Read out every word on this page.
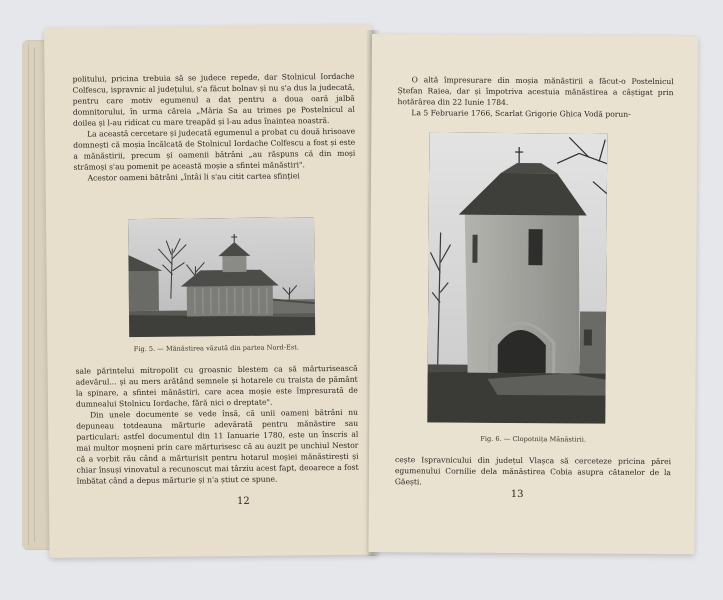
politului, pricina trebuia să se judece repede, dar Stolnicul Iordache Colfescu, ispravnic al județului, s'a făcut bolnav și nu s'a dus la judecată, pentru care motiv egumenul a dat pentru a doua oară jalbă domnitorului, în urma căreia „Măria Sa au trimes pe Postelnicul al doilea și l-au ridicat cu mare treapăd și l-au adus înaintea noastră.

La această cercetare și judecată egumenul a probat cu două hrisoave domnești că moșia încălcată de Stolnicul Iordache Colfescu a fost și este a mănăstirii, precum și oamenii bătrâni „au răspuns că din moși strămoși s'au pomenit pe această moșie a sfintei mănăstiri".

Acestor oameni bătrâni „întâi li s'au citit cartea sfinției

Fig. 5. — Mănăstirea văzută din partea Nord-Est.

sale părintelui mitropolit cu groasnic blestem ca să mărturisească adevărul... și au mers arătând semnele și hotarele cu traista de pământ la spinare, a sfintei mănăstiri, care acea moșie este împresurată de dumnealui Stolnicu Iordache, fără nici o dreptate".

Din unele documente se vede însă, că unii oameni bătrâni nu depuneau totdeauna mărturie adevărată pentru mănăstire sau particulari; astfel documentul din 11 Ianuarie 1780, este un înscris al mai multor moșneni prin care mărturisesc că au auzit pe unchiul Nestor că a vorbit rău când a mărturisit pentru hotarul moșiei mănăstirești și chiar însuși vinovatul a recunoscut mai târziu acest fapt, deoarece a fost îmbătat când a depus mărturie și n'a știut ce spune.

12

O altă împresurare din moșia mănăstirii a făcut-o Postelnicul Ștefan Raiea, dar și împotriva acestuia mănăstirea a câștigat prin hotărârea din 22 Iunie 1784.

La 5 Februarie 1766, Scarlat Grigorie Ghica Vodă porun-

Fig. 6. — Clopotnița Mănăstirii.

cește Ispravnicului din județul Vlașca să cerceteze pricina părei egumenului Cornilie dela mănăstirea Cobia asupra cătanelor de la Găești.

13
